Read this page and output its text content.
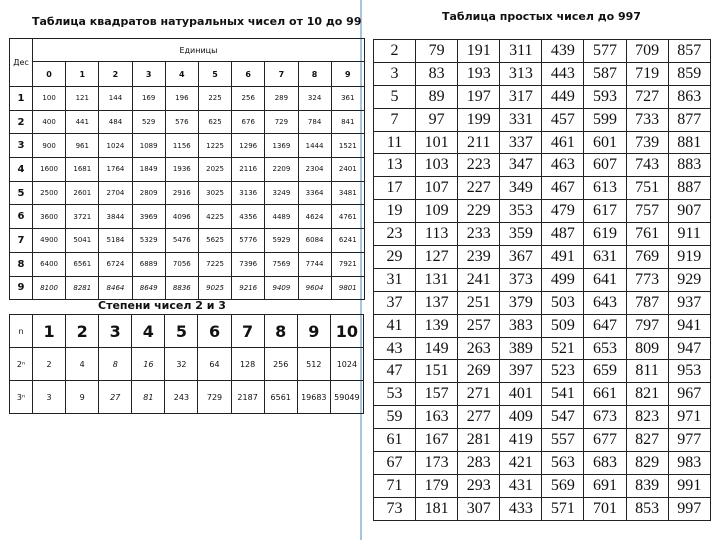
Таблица квадратов натуральных чисел от 10 до 99
Дес	Единицы									
	0	1	2	3	4	5	6	7	8	9
1	100	121	144	169	196	225	256	289	324	361
2	400	441	484	529	576	625	676	729	784	841
3	900	961	1024	1089	1156	1225	1296	1369	1444	1521
4	1600	1681	1764	1849	1936	2025	2116	2209	2304	2401
5	2500	2601	2704	2809	2916	3025	3136	3249	3364	3481
6	3600	3721	3844	3969	4096	4225	4356	4489	4624	4761
7	4900	5041	5184	5329	5476	5625	5776	5929	6084	6241
8	6400	6561	6724	6889	7056	7225	7396	7569	7744	7921
9	8100	8281	8464	8649	8836	9025	9216	9409	9604	9801
Степени чисел 2 и 3
n	1	2	3	4	5	6	7	8	9	10
2ⁿ	2	4	8	16	32	64	128	256	512	1024
3ⁿ	3	9	27	81	243	729	2187	6561	19683	59049
Таблица простых чисел до 997
2	79	191	311	439	577	709	857
3	83	193	313	443	587	719	859
5	89	197	317	449	593	727	863
7	97	199	331	457	599	733	877
11	101	211	337	461	601	739	881
13	103	223	347	463	607	743	883
17	107	227	349	467	613	751	887
19	109	229	353	479	617	757	907
23	113	233	359	487	619	761	911
29	127	239	367	491	631	769	919
31	131	241	373	499	641	773	929
37	137	251	379	503	643	787	937
41	139	257	383	509	647	797	941
43	149	263	389	521	653	809	947
47	151	269	397	523	659	811	953
53	157	271	401	541	661	821	967
59	163	277	409	547	673	823	971
61	167	281	419	557	677	827	977
67	173	283	421	563	683	829	983
71	179	293	431	569	691	839	991
73	181	307	433	571	701	853	997
